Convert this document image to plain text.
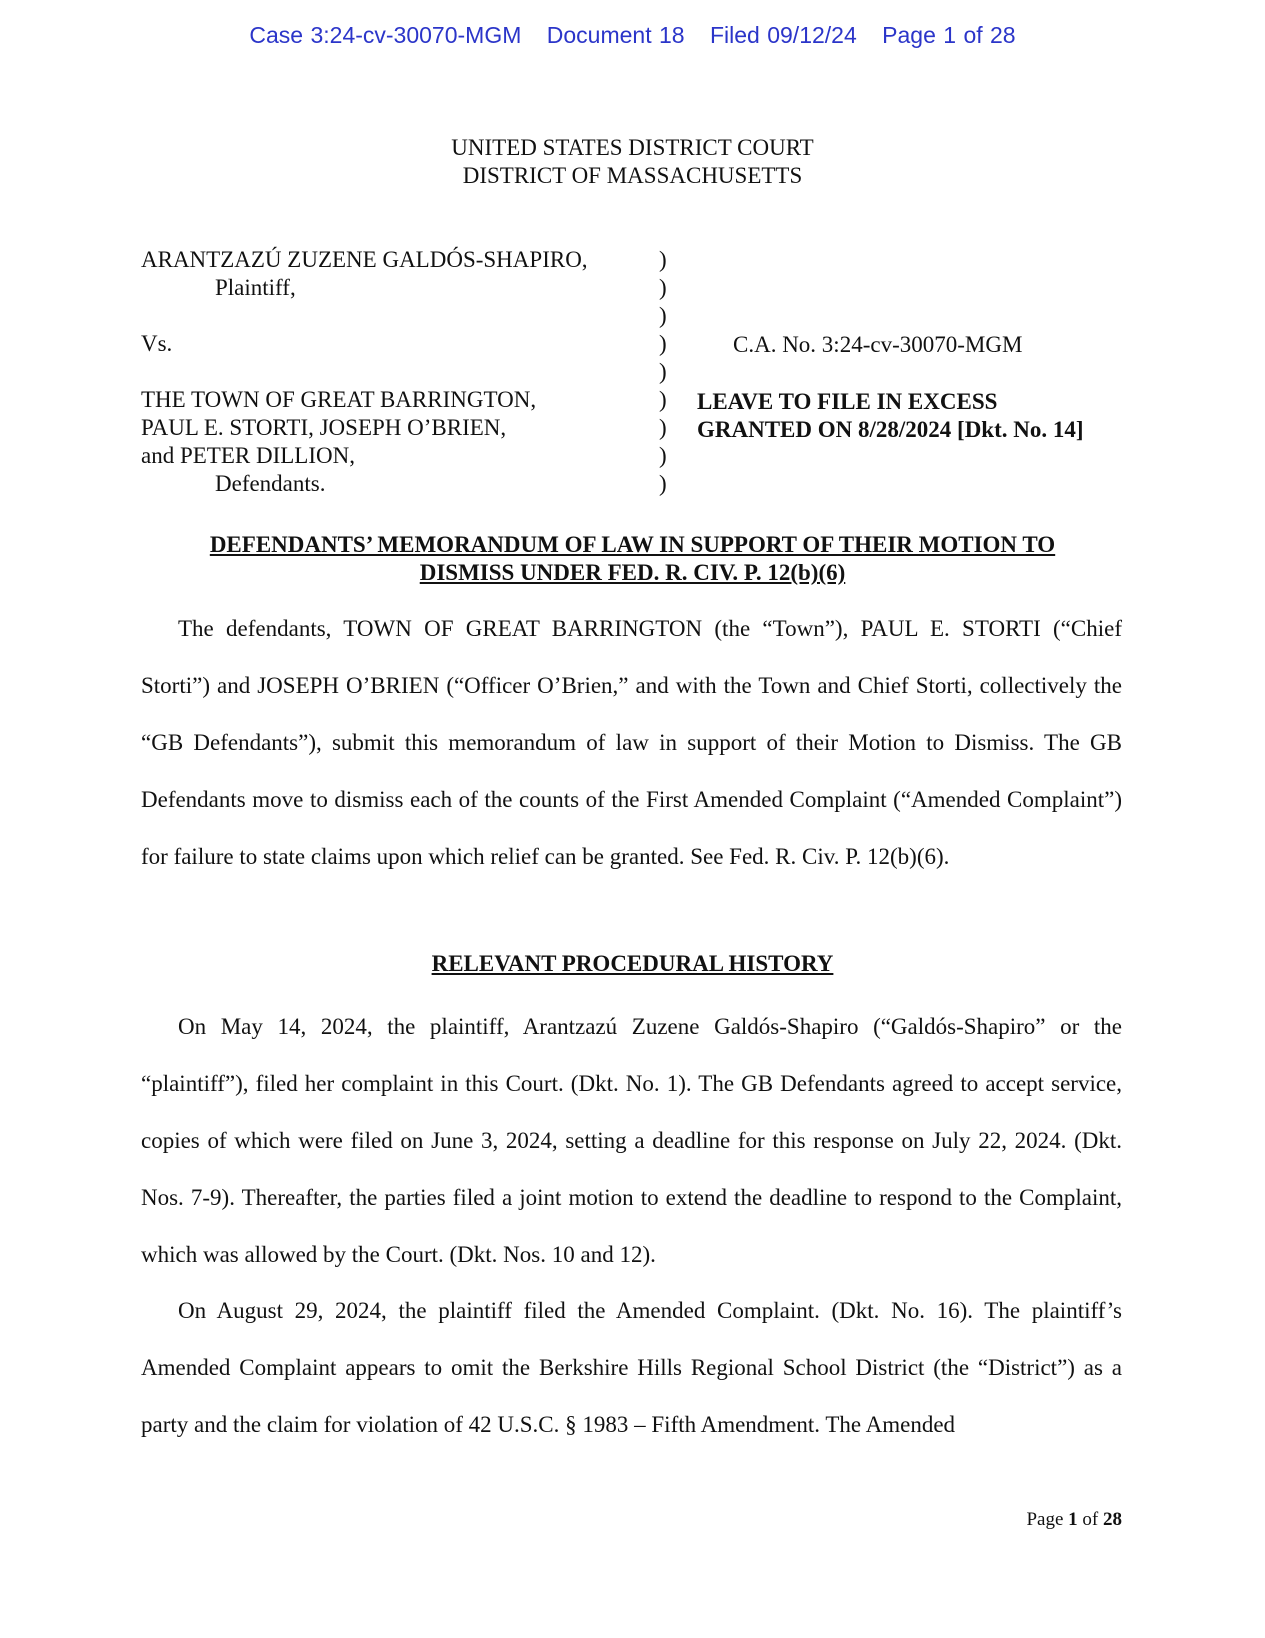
Case 3:24-cv-30070-MGM Document 18 Filed 09/12/24 Page 1 of 28
UNITED STATES DISTRICT COURT
DISTRICT OF MASSACHUSETTS
ARANTZAZÚ ZUZENE GALDÓS-SHAPIRO,
Plaintiff,
Vs.
THE TOWN OF GREAT BARRINGTON,
PAUL E. STORTI, JOSEPH O’BRIEN,
and PETER DILLION,
Defendants.
)
)
)
)
)
)
)
)
)
C.A. No. 3:24-cv-30070-MGM
LEAVE TO FILE IN EXCESS
GRANTED ON 8/28/2024 [Dkt. No. 14]
DEFENDANTS’ MEMORANDUM OF LAW IN SUPPORT OF THEIR MOTION TO
DISMISS UNDER FED. R. CIV. P. 12(b)(6)

The defendants, TOWN OF GREAT BARRINGTON (the “Town”), PAUL E. STORTI (“Chief Storti”) and JOSEPH O’BRIEN (“Officer O’Brien,” and with the Town and Chief Storti, collectively the “GB Defendants”), submit this memorandum of law in support of their Motion to Dismiss. The GB Defendants move to dismiss each of the counts of the First Amended Complaint (“Amended Complaint”) for failure to state claims upon which relief can be granted. See Fed. R. Civ. P. 12(b)(6).

RELEVANT PROCEDURAL HISTORY

On May 14, 2024, the plaintiff, Arantzazú Zuzene Galdós-Shapiro (“Galdós-Shapiro” or the “plaintiff”), filed her complaint in this Court. (Dkt. No. 1). The GB Defendants agreed to accept service, copies of which were filed on June 3, 2024, setting a deadline for this response on July 22, 2024. (Dkt. Nos. 7-9). Thereafter, the parties filed a joint motion to extend the deadline to respond to the Complaint, which was allowed by the Court. (Dkt. Nos. 10 and 12).

On August 29, 2024, the plaintiff filed the Amended Complaint. (Dkt. No. 16). The plaintiff’s Amended Complaint appears to omit the Berkshire Hills Regional School District (the “District”) as a party and the claim for violation of 42 U.S.C. § 1983 – Fifth Amendment. The Amended

Page 1 of 28
